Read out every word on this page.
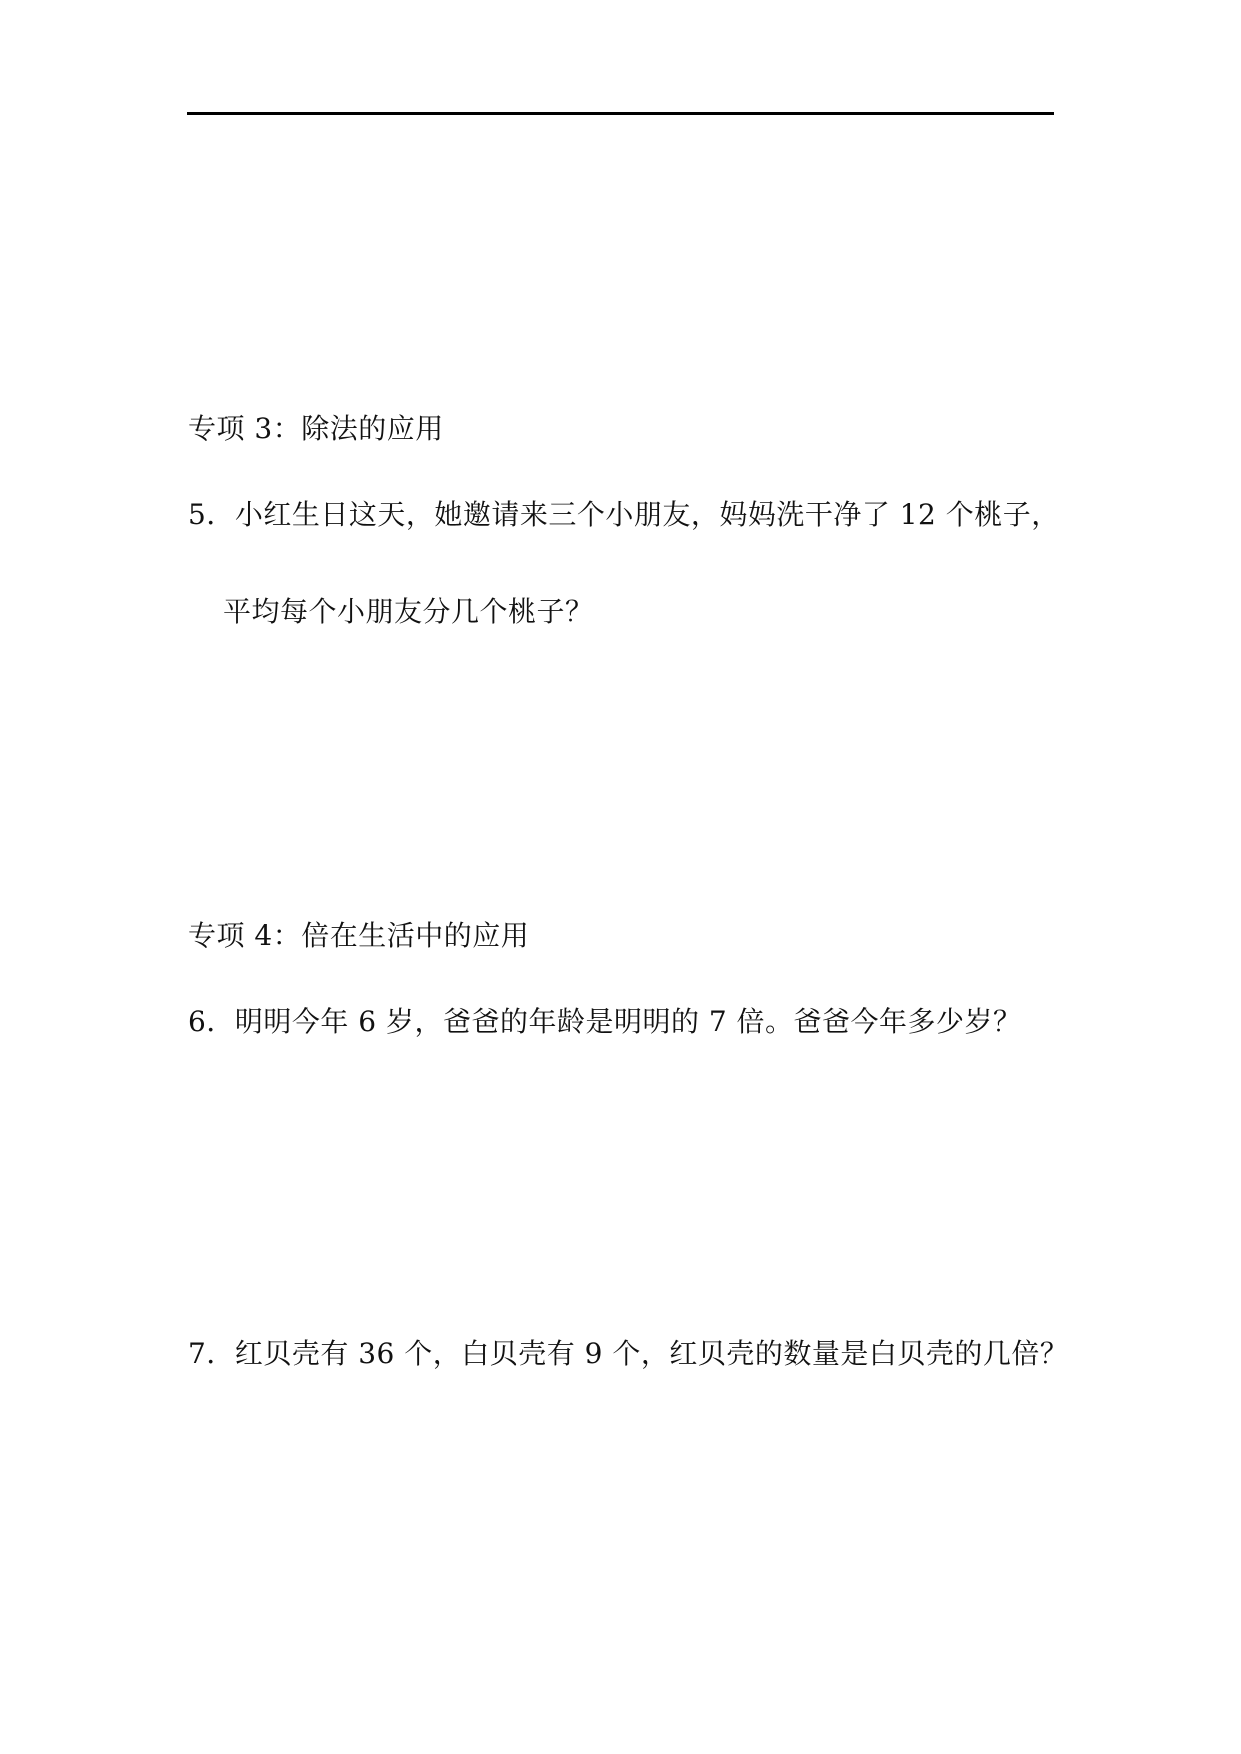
专项 3：除法的应用
5．小红生日这天，她邀请来三个小朋友，妈妈洗干净了 12 个桃子，
平均每个小朋友分几个桃子？
专项 4：倍在生活中的应用
6．明明今年 6 岁，爸爸的年龄是明明的 7 倍。爸爸今年多少岁？
7．红贝壳有 36 个，白贝壳有 9 个，红贝壳的数量是白贝壳的几倍？
